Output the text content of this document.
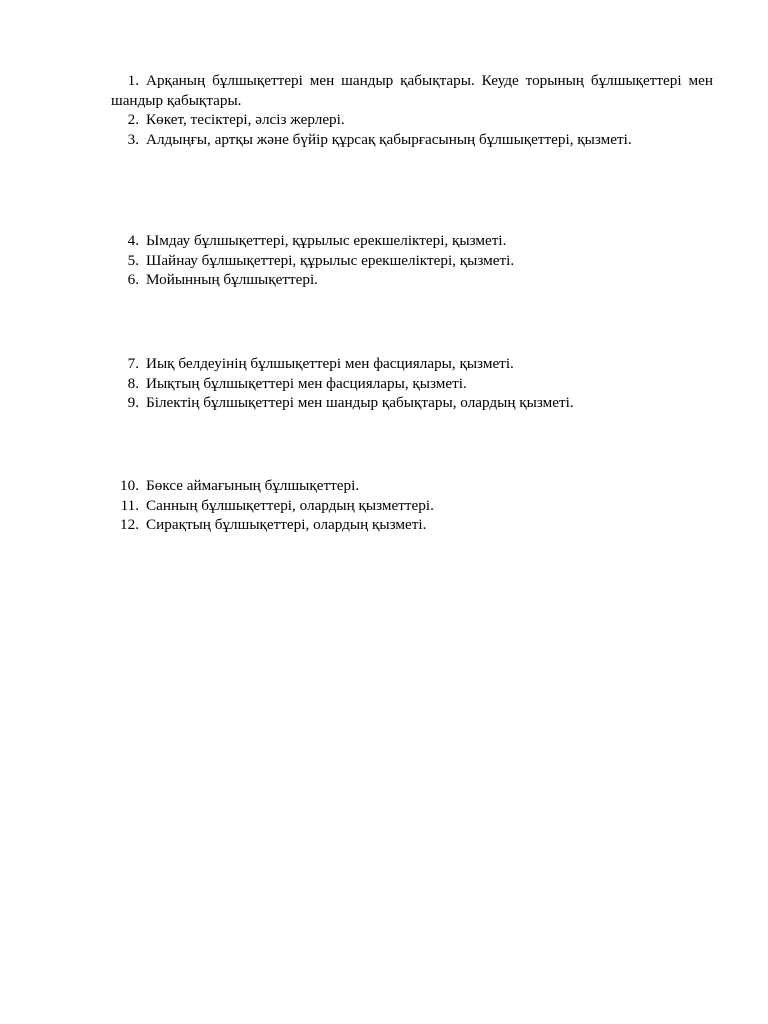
1. Арқаның бұлшықеттері мен шандыр қабықтары. Кеуде торының бұлшықеттері мен шандыр қабықтары.
2. Көкет, тесіктері, әлсіз жерлері.
3. Алдыңғы, артқы және бүйір құрсақ қабырғасының бұлшықеттері, қызметі.
4. Ымдау бұлшықеттері, құрылыс ерекшеліктері, қызметі.
5. Шайнау бұлшықеттері, құрылыс ерекшеліктері, қызметі.
6. Мойынның бұлшықеттері.
7. Иық белдеуінің бұлшықеттері мен фасциялары, қызметі.
8. Иықтың бұлшықеттері мен фасциялары, қызметі.
9. Білектің бұлшықеттері мен шандыр қабықтары, олардың қызметі.
10. Бөксе аймағының бұлшықеттері.
11. Санның бұлшықеттері, олардың қызметтері.
12. Сирақтың бұлшықеттері, олардың қызметі.
